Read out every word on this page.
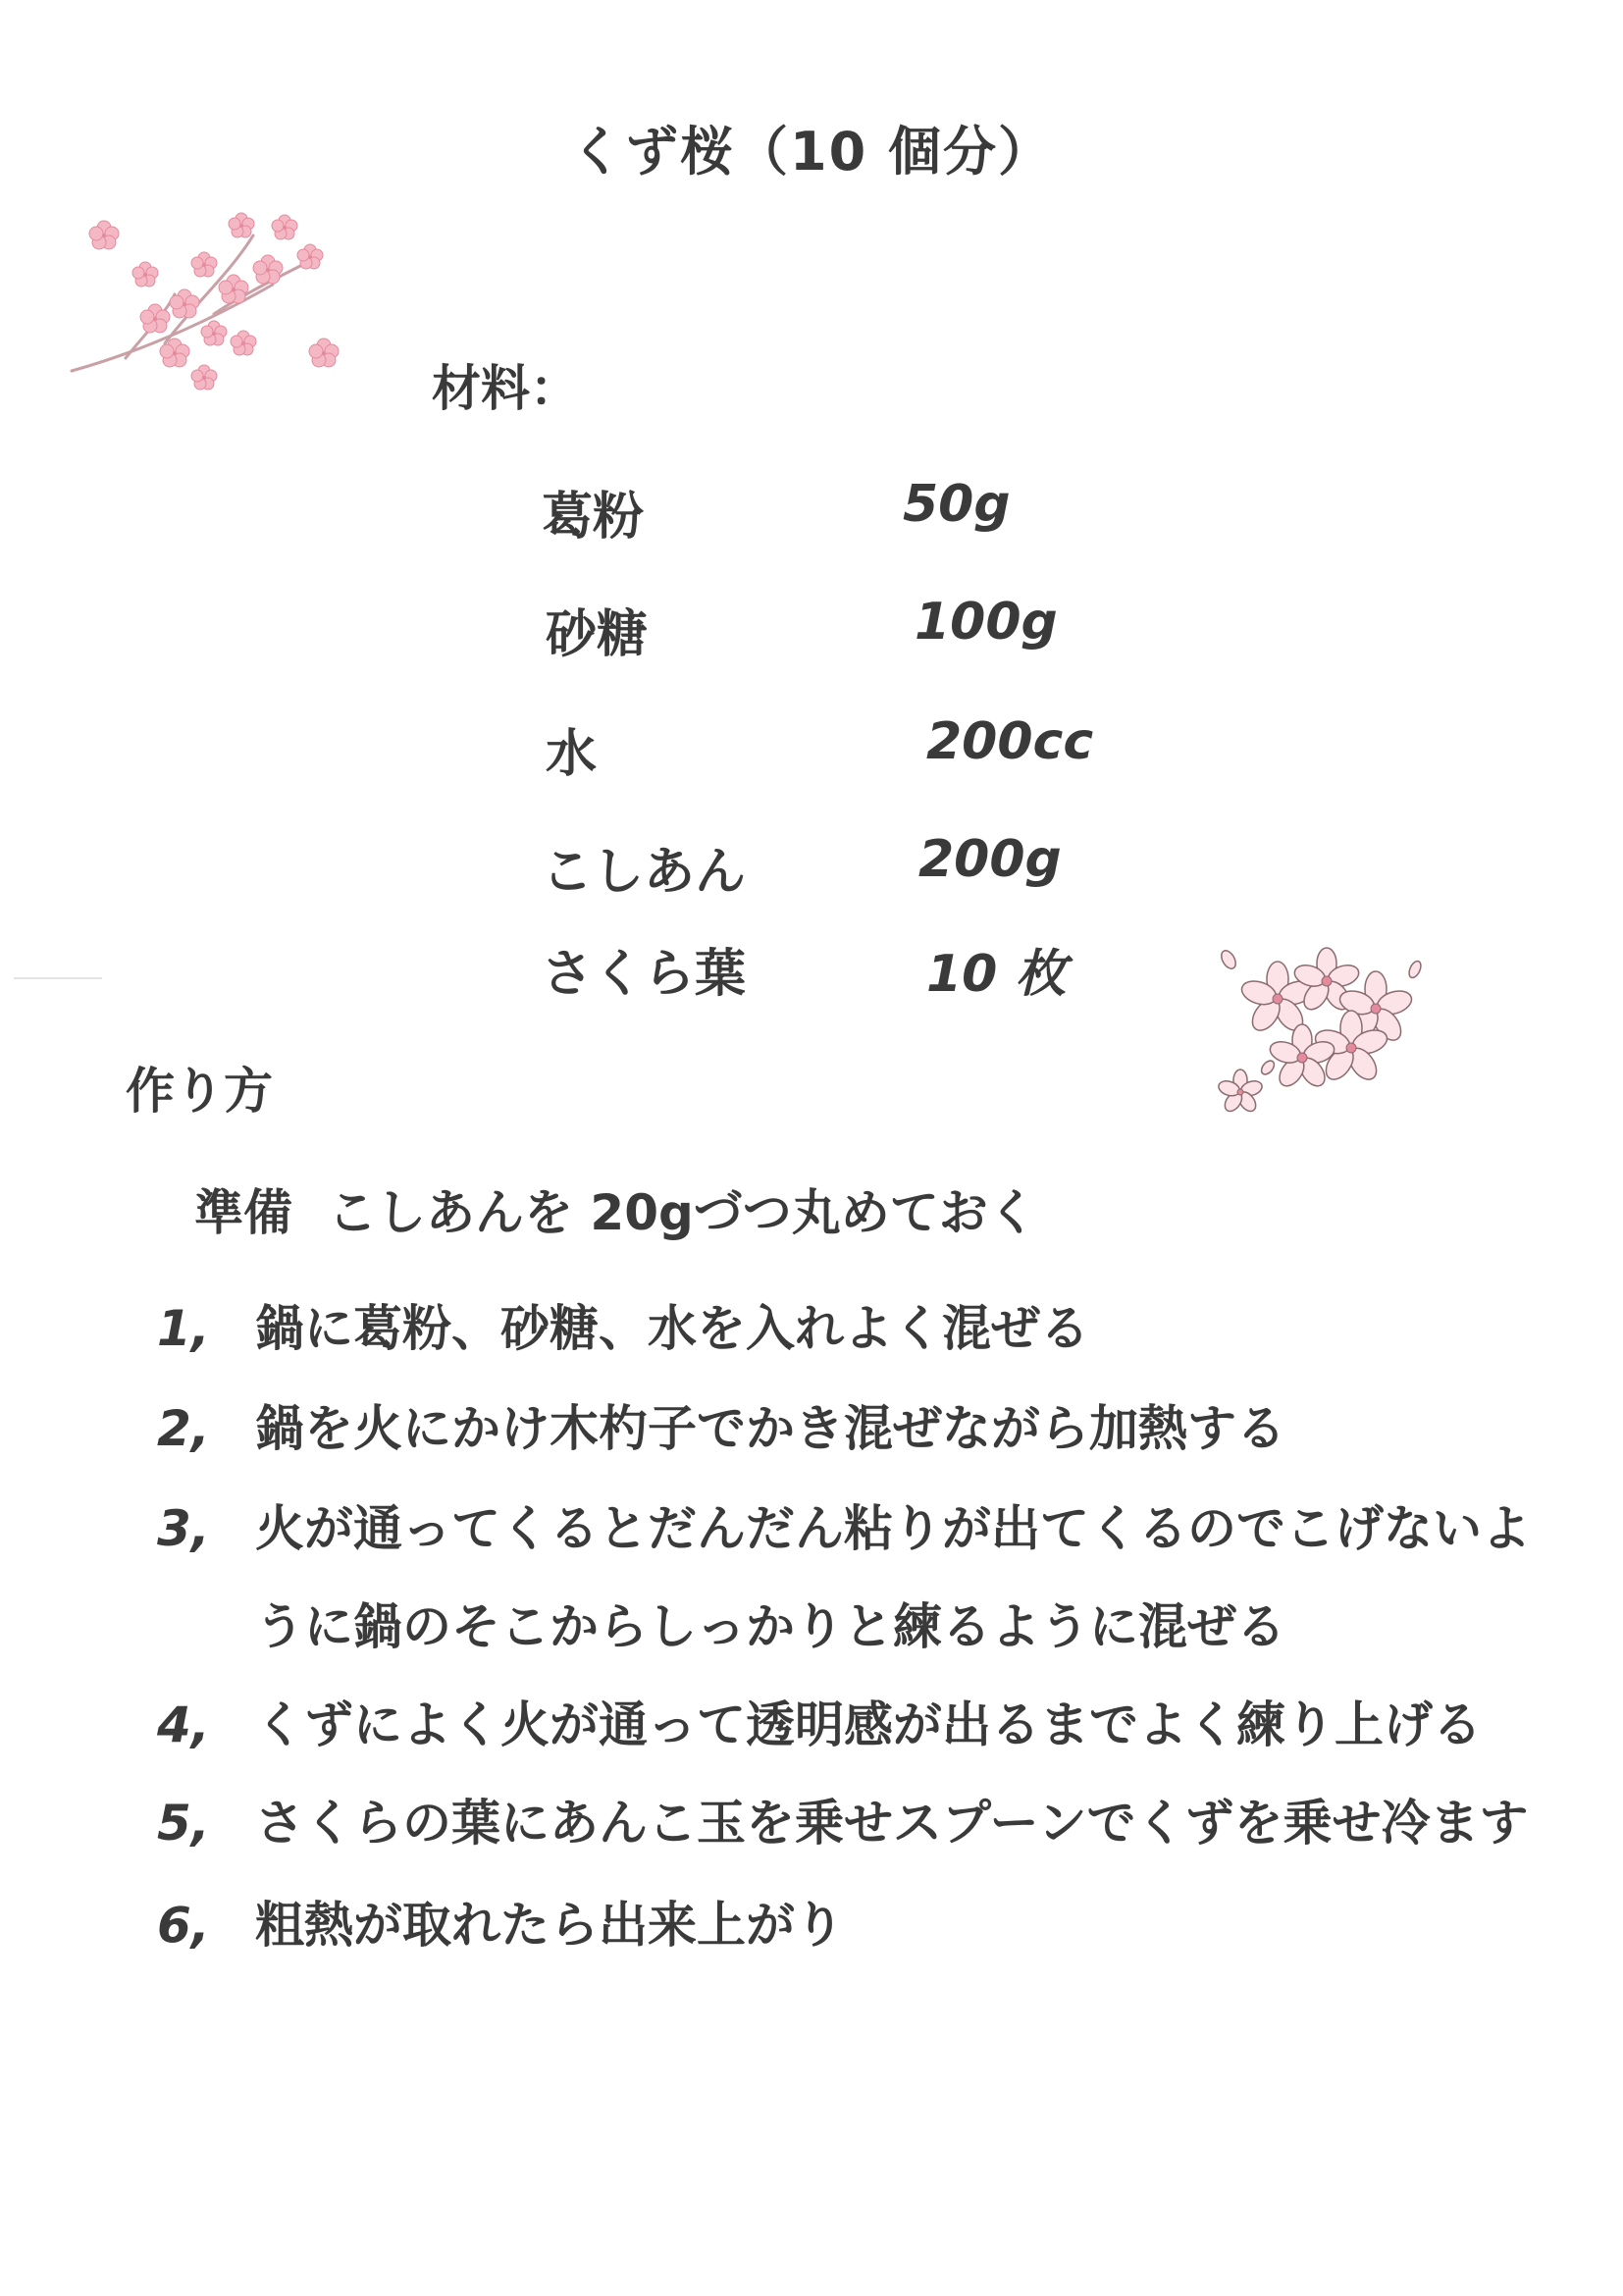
くず桜（10 個分）
材料：
葛粉	50g
砂糖	100g
水	200cc
こしあん	200g
さくら葉	10 枚
作り方
準備 こしあんを 20gづつ丸めておく
1, 鍋に葛粉、砂糖、水を入れよく混ぜる
2, 鍋を火にかけ木杓子でかき混ぜながら加熱する
3, 火が通ってくるとだんだん粘りが出てくるのでこげないよ
うに鍋のそこからしっかりと練るように混ぜる
4, くずによく火が通って透明感が出るまでよく練り上げる
5, さくらの葉にあんこ玉を乗せスプーンでくずを乗せ冷ます
6, 粗熱が取れたら出来上がり
